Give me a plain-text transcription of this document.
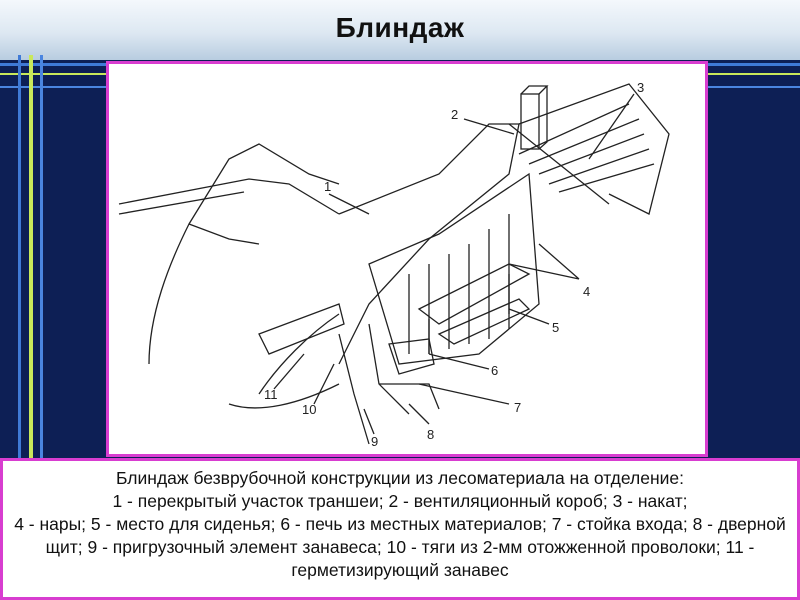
Блиндаж
1
2
3
4
5
6
7
8
9
10
11
Блиндаж безврубочной конструкции из лесоматериала на отделение:
1 - перекрытый участок траншеи; 2 - вентиляционный короб; 3 - накат;
4 - нары; 5 - место для сиденья; 6 - печь из местных материалов; 7 - стойка входа; 8 - дверной щит; 9 - пригрузочный элемент занавеса; 10 - тяги из 2-мм отожженной проволоки; 11 - герметизирующий занавес
